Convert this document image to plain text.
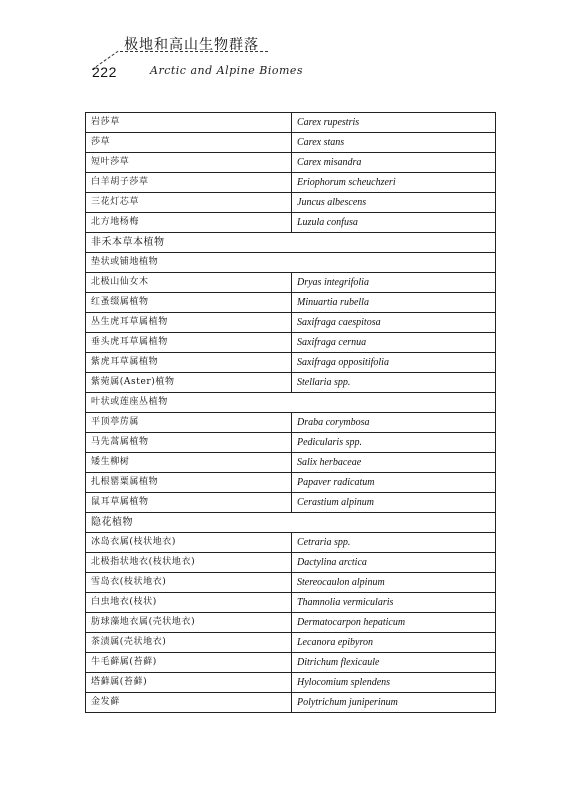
222
极地和高山生物群落
Arctic and Alpine Biomes
岩莎草	Carex rupestris
莎草	Carex stans
短叶莎草	Carex misandra
白羊胡子莎草	Eriophorum scheuchzeri
三花灯芯草	Juncus albescens
北方地杨梅	Luzula confusa
非禾本草本植物	
垫状或铺地植物	
北极山仙女木	Dryas integrifolia
红蚤缀属植物	Minuartia rubella
丛生虎耳草属植物	Saxifraga caespitosa
垂头虎耳草属植物	Saxifraga cernua
紫虎耳草属植物	Saxifraga oppositifolia
紫菀属(Aster)植物	Stellaria spp.
叶状或莲座丛植物	
平顶葶苈属	Draba corymbosa
马先蒿属植物	Pedicularis spp.
矮生柳树	Salix herbaceae
扎根罂粟属植物	Papaver radicatum
鼠耳草属植物	Cerastium alpinum
隐花植物	
冰岛衣属(枝状地衣)	Cetraria spp.
北极指状地衣(枝状地衣)	Dactylina arctica
雪岛衣(枝状地衣)	Stereocaulon alpinum
白虫地衣(枝状)	Thamnolia vermicularis
肪球藻地衣属(壳状地衣)	Dermatocarpon hepaticum
茶渍属(壳状地衣)	Lecanora epibyron
牛毛藓属(苔藓)	Ditrichum flexicaule
塔藓属(苔藓)	Hylocomium splendens
金发藓	Polytrichum juniperinum
